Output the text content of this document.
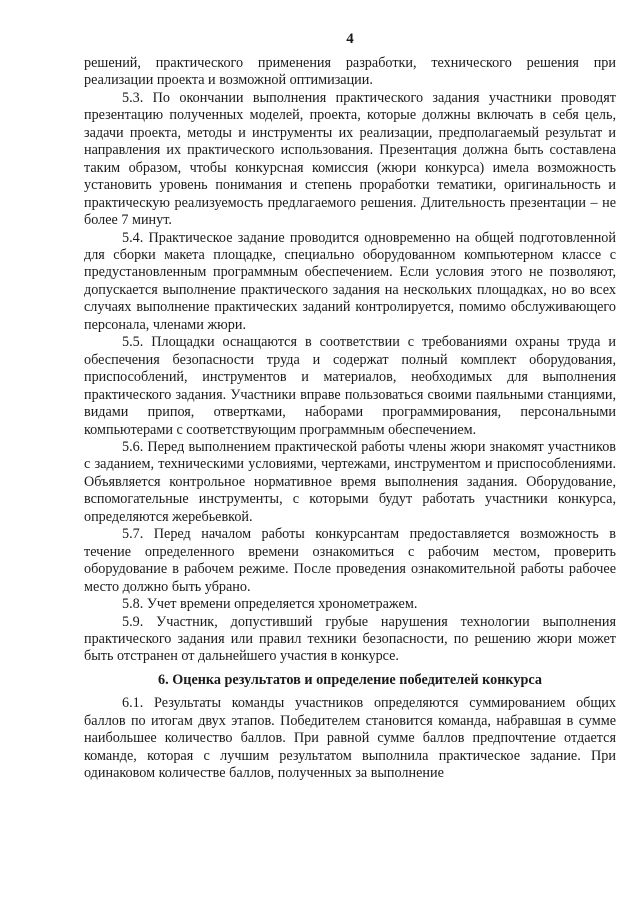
4

решений, практического применения разработки, технического решения при реализации проекта и возможной оптимизации.

5.3. По окончании выполнения практического задания участники проводят презентацию полученных моделей, проекта, которые должны включать в себя цель, задачи проекта, методы и инструменты их реализации, предполагаемый результат и направления их практического использования. Презентация должна быть составлена таким образом, чтобы конкурсная комиссия (жюри конкурса) имела возможность установить уровень понимания и степень проработки тематики, оригинальность и практическую реализуемость предлагаемого решения. Длительность презентации – не более 7 минут.

5.4. Практическое задание проводится одновременно на общей подготовленной для сборки макета площадке, специально оборудованном компьютерном классе с предустановленным программным обеспечением. Если условия этого не позволяют, допускается выполнение практического задания на нескольких площадках, но во всех случаях выполнение практических заданий контролируется, помимо обслуживающего персонала, членами жюри.

5.5. Площадки оснащаются в соответствии с требованиями охраны труда и обеспечения безопасности труда и содержат полный комплект оборудования, приспособлений, инструментов и материалов, необходимых для выполнения практического задания. Участники вправе пользоваться своими паяльными станциями, видами припоя, отвертками, наборами программирования, персональными компьютерами с соответствующим программным обеспечением.

5.6. Перед выполнением практической работы члены жюри знакомят участников с заданием, техническими условиями, чертежами, инструментом и приспособлениями. Объявляется контрольное нормативное время выполнения задания. Оборудование, вспомогательные инструменты, с которыми будут работать участники конкурса, определяются жеребьевкой.

5.7. Перед началом работы конкурсантам предоставляется возможность в течение определенного времени ознакомиться с рабочим местом, проверить оборудование в рабочем режиме. После проведения ознакомительной работы рабочее место должно быть убрано.

5.8. Учет времени определяется хронометражем.

5.9. Участник, допустивший грубые нарушения технологии выполнения практического задания или правил техники безопасности, по решению жюри может быть отстранен от дальнейшего участия в конкурсе.

6. Оценка результатов и определение победителей конкурса

6.1. Результаты команды участников определяются суммированием общих баллов по итогам двух этапов. Победителем становится команда, набравшая в сумме наибольшее количество баллов. При равной сумме баллов предпочтение отдается команде, которая с лучшим результатом выполнила практическое задание. При одинаковом количестве баллов, полученных за выполнение
